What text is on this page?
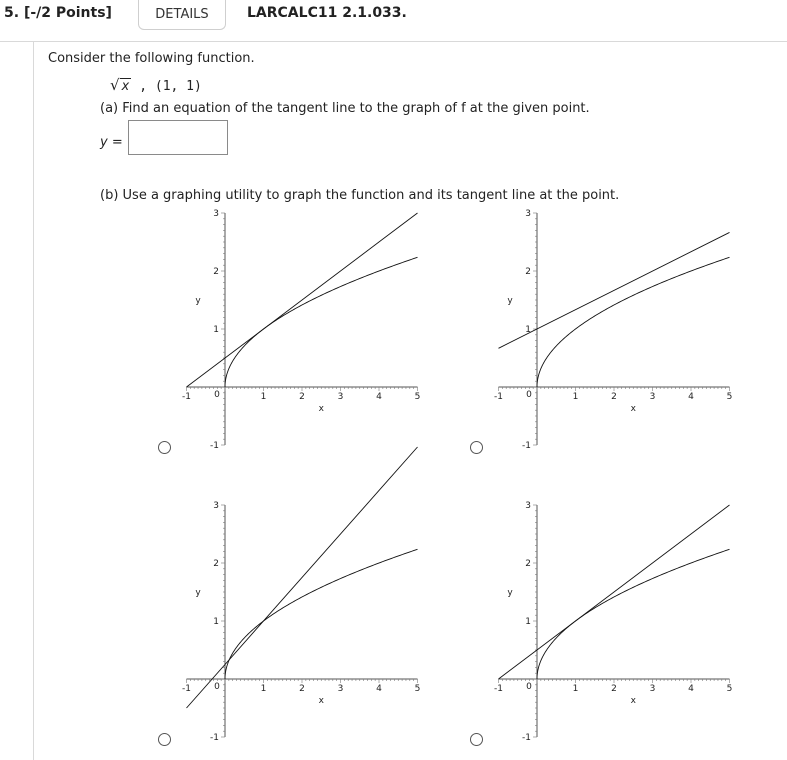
5. [-/2 Points]	DETAILS	LARCALC11 2.1.033.
Consider the following function.
√ x , (1, 1)
(a) Find an equation of the tangent line to the graph of f at the given point.
y =
(b) Use a graphing utility to graph the function and its tangent line at the point.
-1	0	1	2	3	4	5
3
2
1
-1
x
y
-1	0	1	2	3	4	5
3
2
1
-1
x
y
-1	0	1	2	3	4	5
3
2
1
-1
x
y
-1	0	1	2	3	4	5
3
2
1
-1
x
y
